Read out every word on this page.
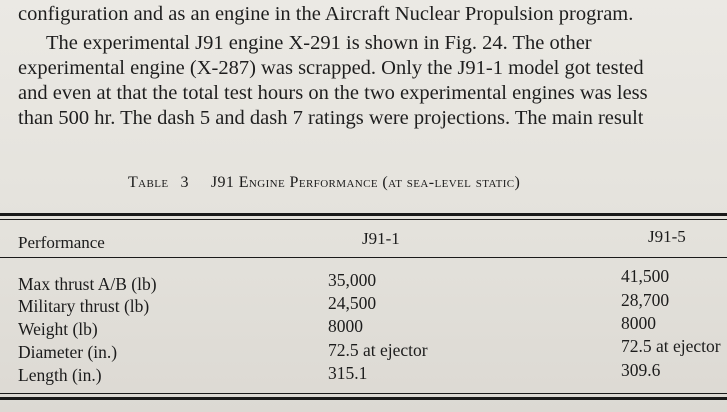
configuration and as an engine in the Aircraft Nuclear Propulsion program.
The experimental J91 engine X-291 is shown in Fig. 24. The other
experimental engine (X-287) was scrapped. Only the J91-1 model got tested
and even at that the total test hours on the two experimental engines was less
than 500 hr. The dash 5 and dash 7 ratings were projections. The main result
Table 3 J91 Engine Performance (at sea-level static)
Performance	J91-1	J91-5
Max thrust A/B (lb)	35,000	41,500
Military thrust (lb)	24,500	28,700
Weight (lb)	8000	8000
Diameter (in.)	72.5 at ejector	72.5 at ejector
Length (in.)	315.1	309.6
